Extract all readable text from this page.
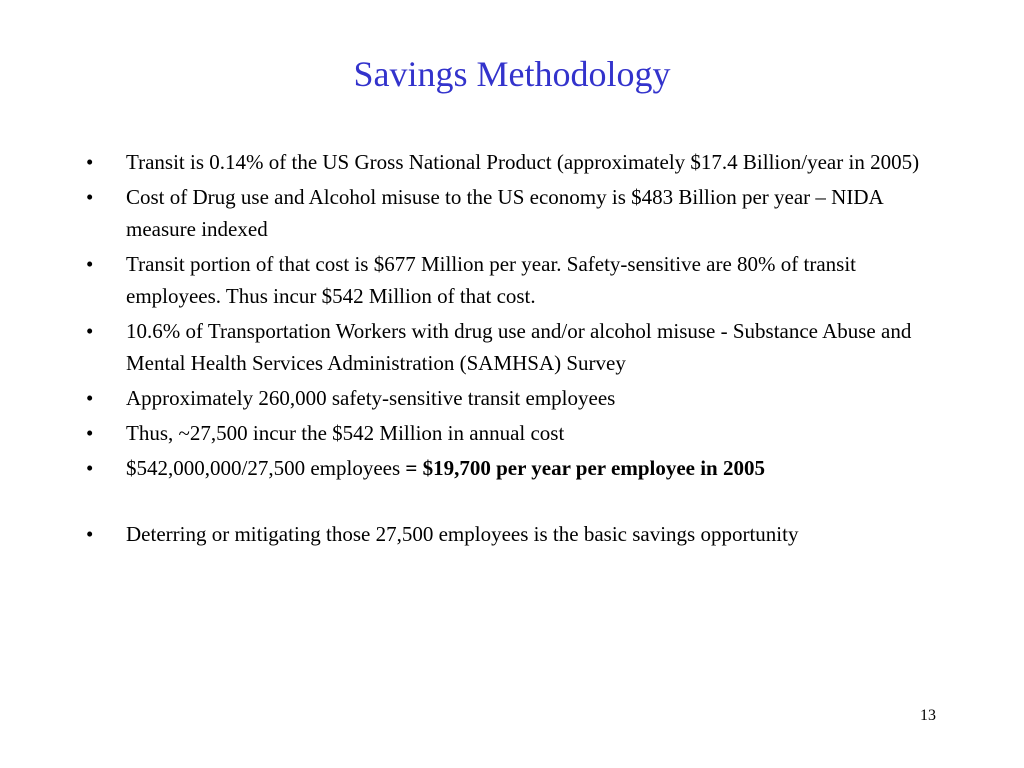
Savings Methodology
• Transit is 0.14% of the US Gross National Product (approximately $17.4 Billion/year in 2005)
• Cost of Drug use and Alcohol misuse to the US economy is $483 Billion per year – NIDA measure indexed
• Transit portion of that cost is $677 Million per year. Safety-sensitive are 80% of transit employees. Thus incur $542 Million of that cost.
• 10.6% of Transportation Workers with drug use and/or alcohol misuse - Substance Abuse and Mental Health Services Administration (SAMHSA) Survey
• Approximately 260,000 safety-sensitive transit employees
• Thus, ~27,500 incur the $542 Million in annual cost
• $542,000,000/27,500 employees = $19,700 per year per employee in 2005
• Deterring or mitigating those 27,500 employees is the basic savings opportunity
13
